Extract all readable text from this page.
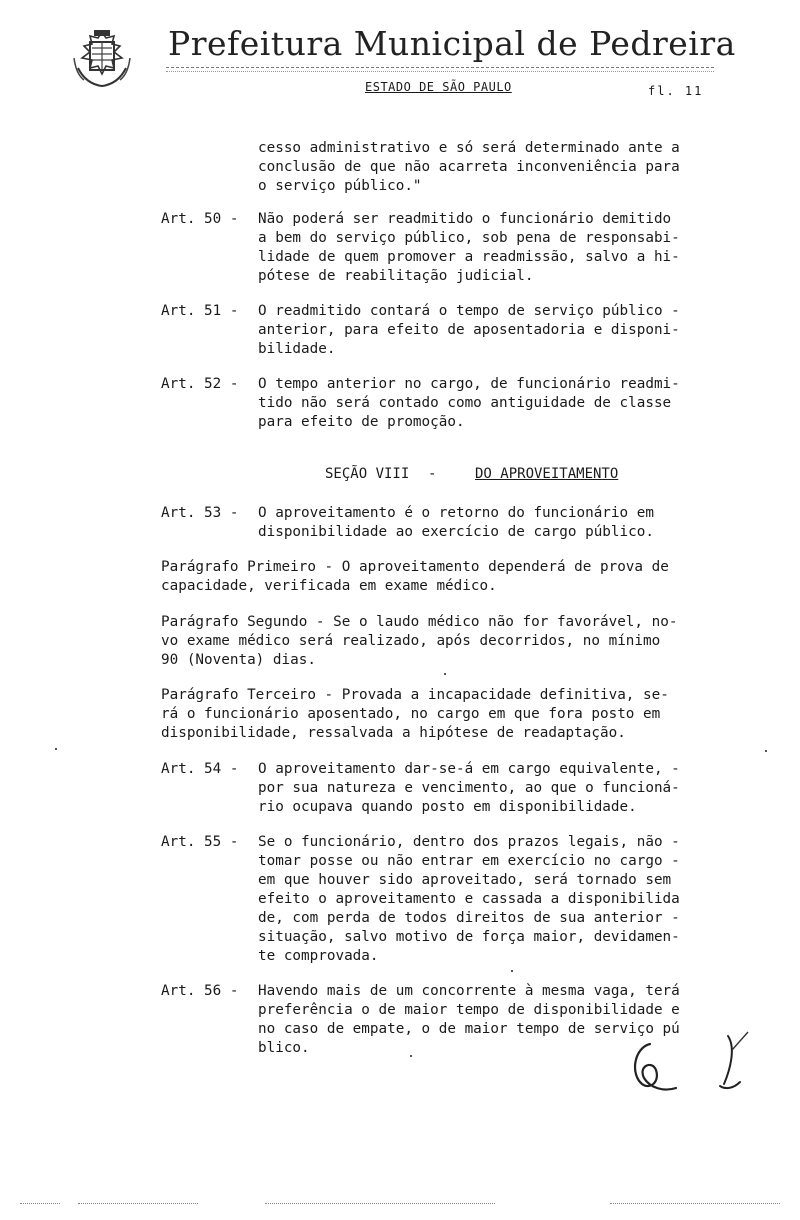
Prefeitura Municipal de Pedreira
ESTADO DE SÃO PAULO	fl. 11
cesso administrativo e só será determinado ante a
conclusão de que não acarreta inconveniência para
o serviço público."
Art. 50 - Não poderá ser readmitido o funcionário demitido
a bem do serviço público, sob pena de responsabi-
lidade de quem promover a readmissão, salvo a hi-
pótese de reabilitação judicial.
Art. 51 - O readmitido contará o tempo de serviço público -
anterior, para efeito de aposentadoria e disponi-
bilidade.
Art. 52 - O tempo anterior no cargo, de funcionário readmi-
tido não será contado como antiguidade de classe
para efeito de promoção.
SEÇÃO VIII -	DO APROVEITAMENTO
Art. 53 - O aproveitamento é o retorno do funcionário em
disponibilidade ao exercício de cargo público.
Parágrafo Primeiro - O aproveitamento dependerá de prova de
capacidade, verificada em exame médico.
Parágrafo Segundo - Se o laudo médico não for favorável, no-
vo exame médico será realizado, após decorridos, no mínimo
90 (Noventa) dias.
Parágrafo Terceiro - Provada a incapacidade definitiva, se-
rá o funcionário aposentado, no cargo em que fora posto em
disponibilidade, ressalvada a hipótese de readaptação.
Art. 54 - O aproveitamento dar-se-á em cargo equivalente, -
por sua natureza e vencimento, ao que o funcioná-
rio ocupava quando posto em disponibilidade.
Art. 55 - Se o funcionário, dentro dos prazos legais, não -
tomar posse ou não entrar em exercício no cargo -
em que houver sido aproveitado, será tornado sem
efeito o aproveitamento e cassada a disponibilida
de, com perda de todos direitos de sua anterior -
situação, salvo motivo de força maior, devidamen-
te comprovada.
Art. 56 - Havendo mais de um concorrente à mesma vaga, terá
preferência o de maior tempo de disponibilidade e
no caso de empate, o de maior tempo de serviço pú
blico.
